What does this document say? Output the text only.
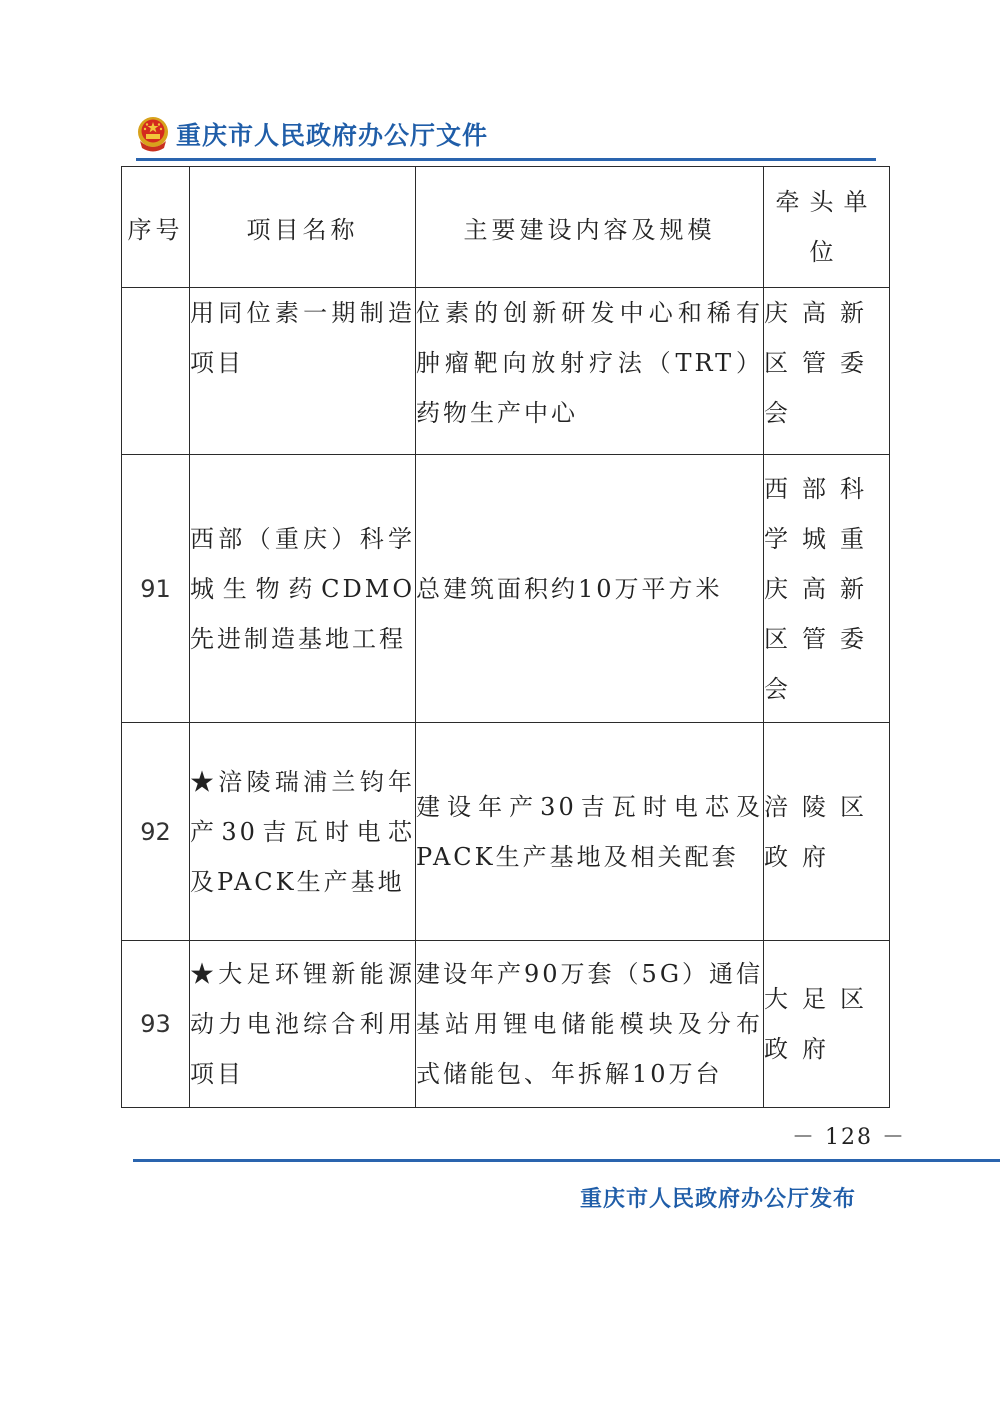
重庆市人民政府办公厅文件
序号	项目名称	主要建设内容及规模	牵头单位
	用同位素一期制造项目	位素的创新研发中心和稀有肿瘤靶向放射疗法（TRT）药物生产中心	庆高新区管委会
91	西部（重庆）科学城生物药CDMO先进制造基地工程	总建筑面积约10万平方米	西部科学城重庆高新区管委会
92	★涪陵瑞浦兰钧年产30吉瓦时电芯及PACK生产基地	建设年产30吉瓦时电芯及PACK生产基地及相关配套	涪陵区政府
93	★大足环锂新能源动力电池综合利用项目	建设年产90万套（5G）通信基站用锂电储能模块及分布式储能包、年拆解10万台	大足区政府
－ 128 －
重庆市人民政府办公厅发布
